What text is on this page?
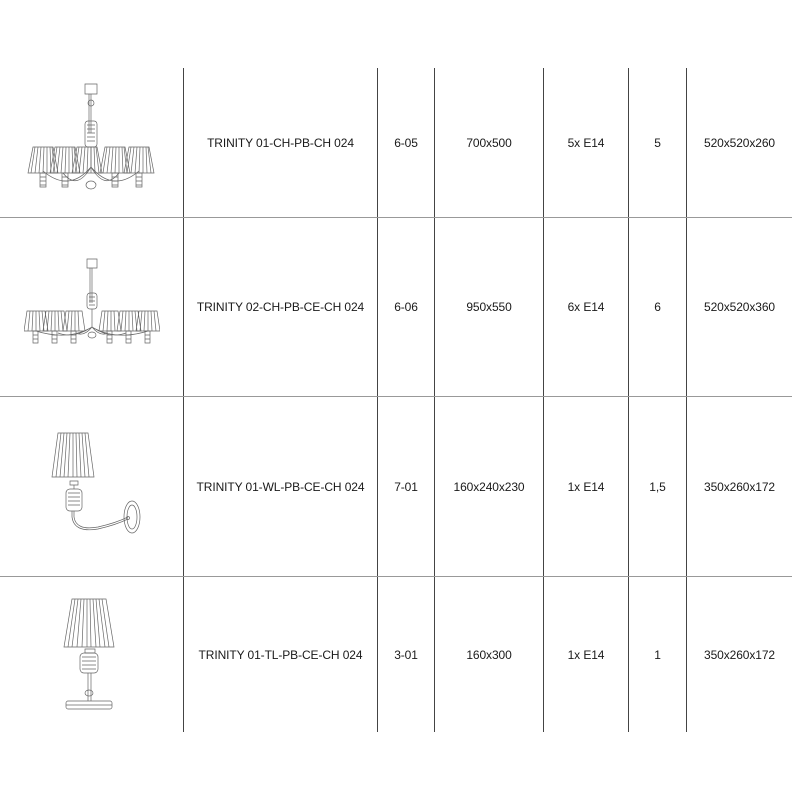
TRINITY 01-CH-PB-CH 024	6-05	700x500	5x E14	5	520x520x260
TRINITY 02-CH-PB-CE-CH 024	6-06	950x550	6x E14	6	520x520x360
TRINITY 01-WL-PB-CE-CH 024	7-01	160x240x230	1x E14	1,5	350x260x172
TRINITY 01-TL-PB-CE-CH 024	3-01	160x300	1x E14	1	350x260x172
